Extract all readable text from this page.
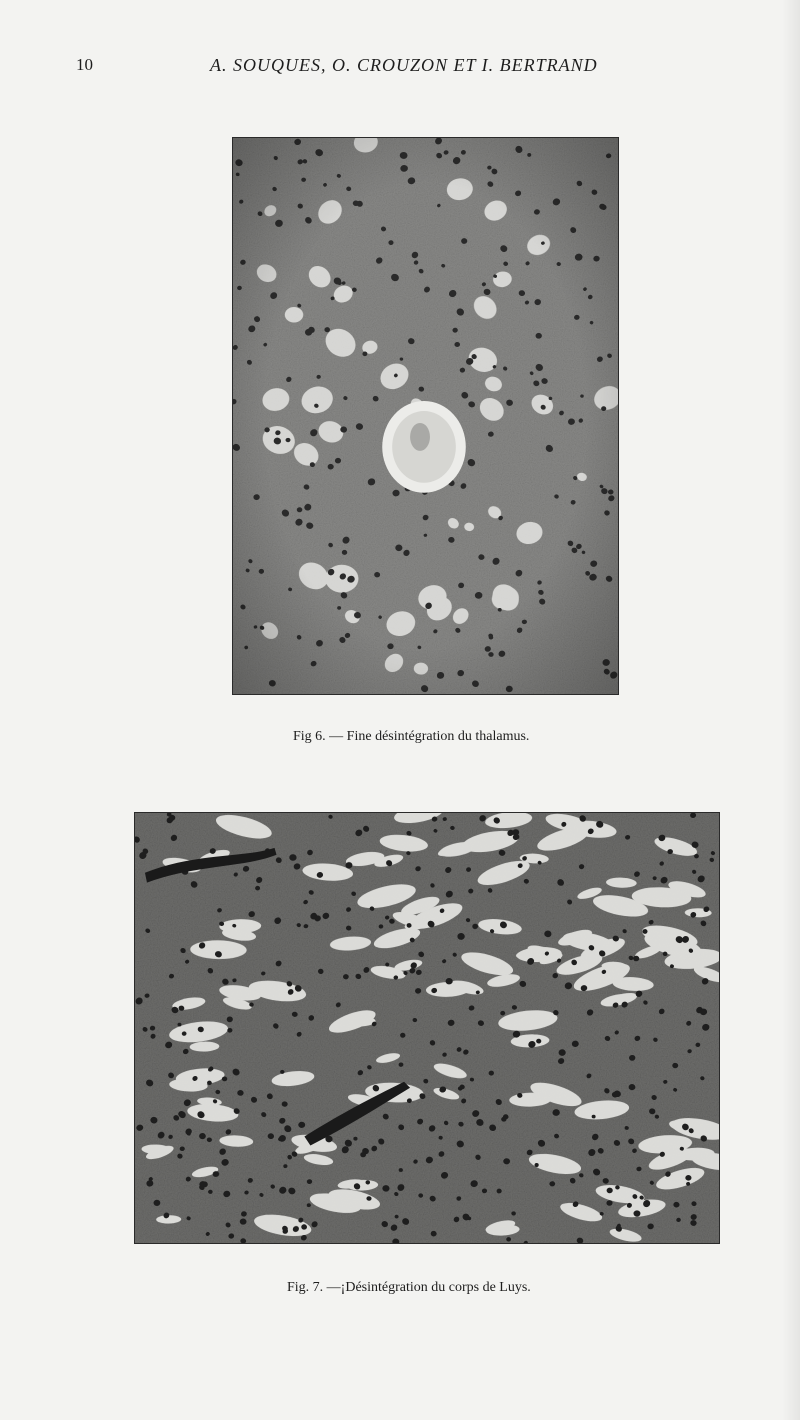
10	A. SOUQUES, O. CROUZON ET I. BERTRAND
Fig 6. — Fine désintégration du thalamus.
Fig. 7. —¡Désintégration du corps de Luys.
